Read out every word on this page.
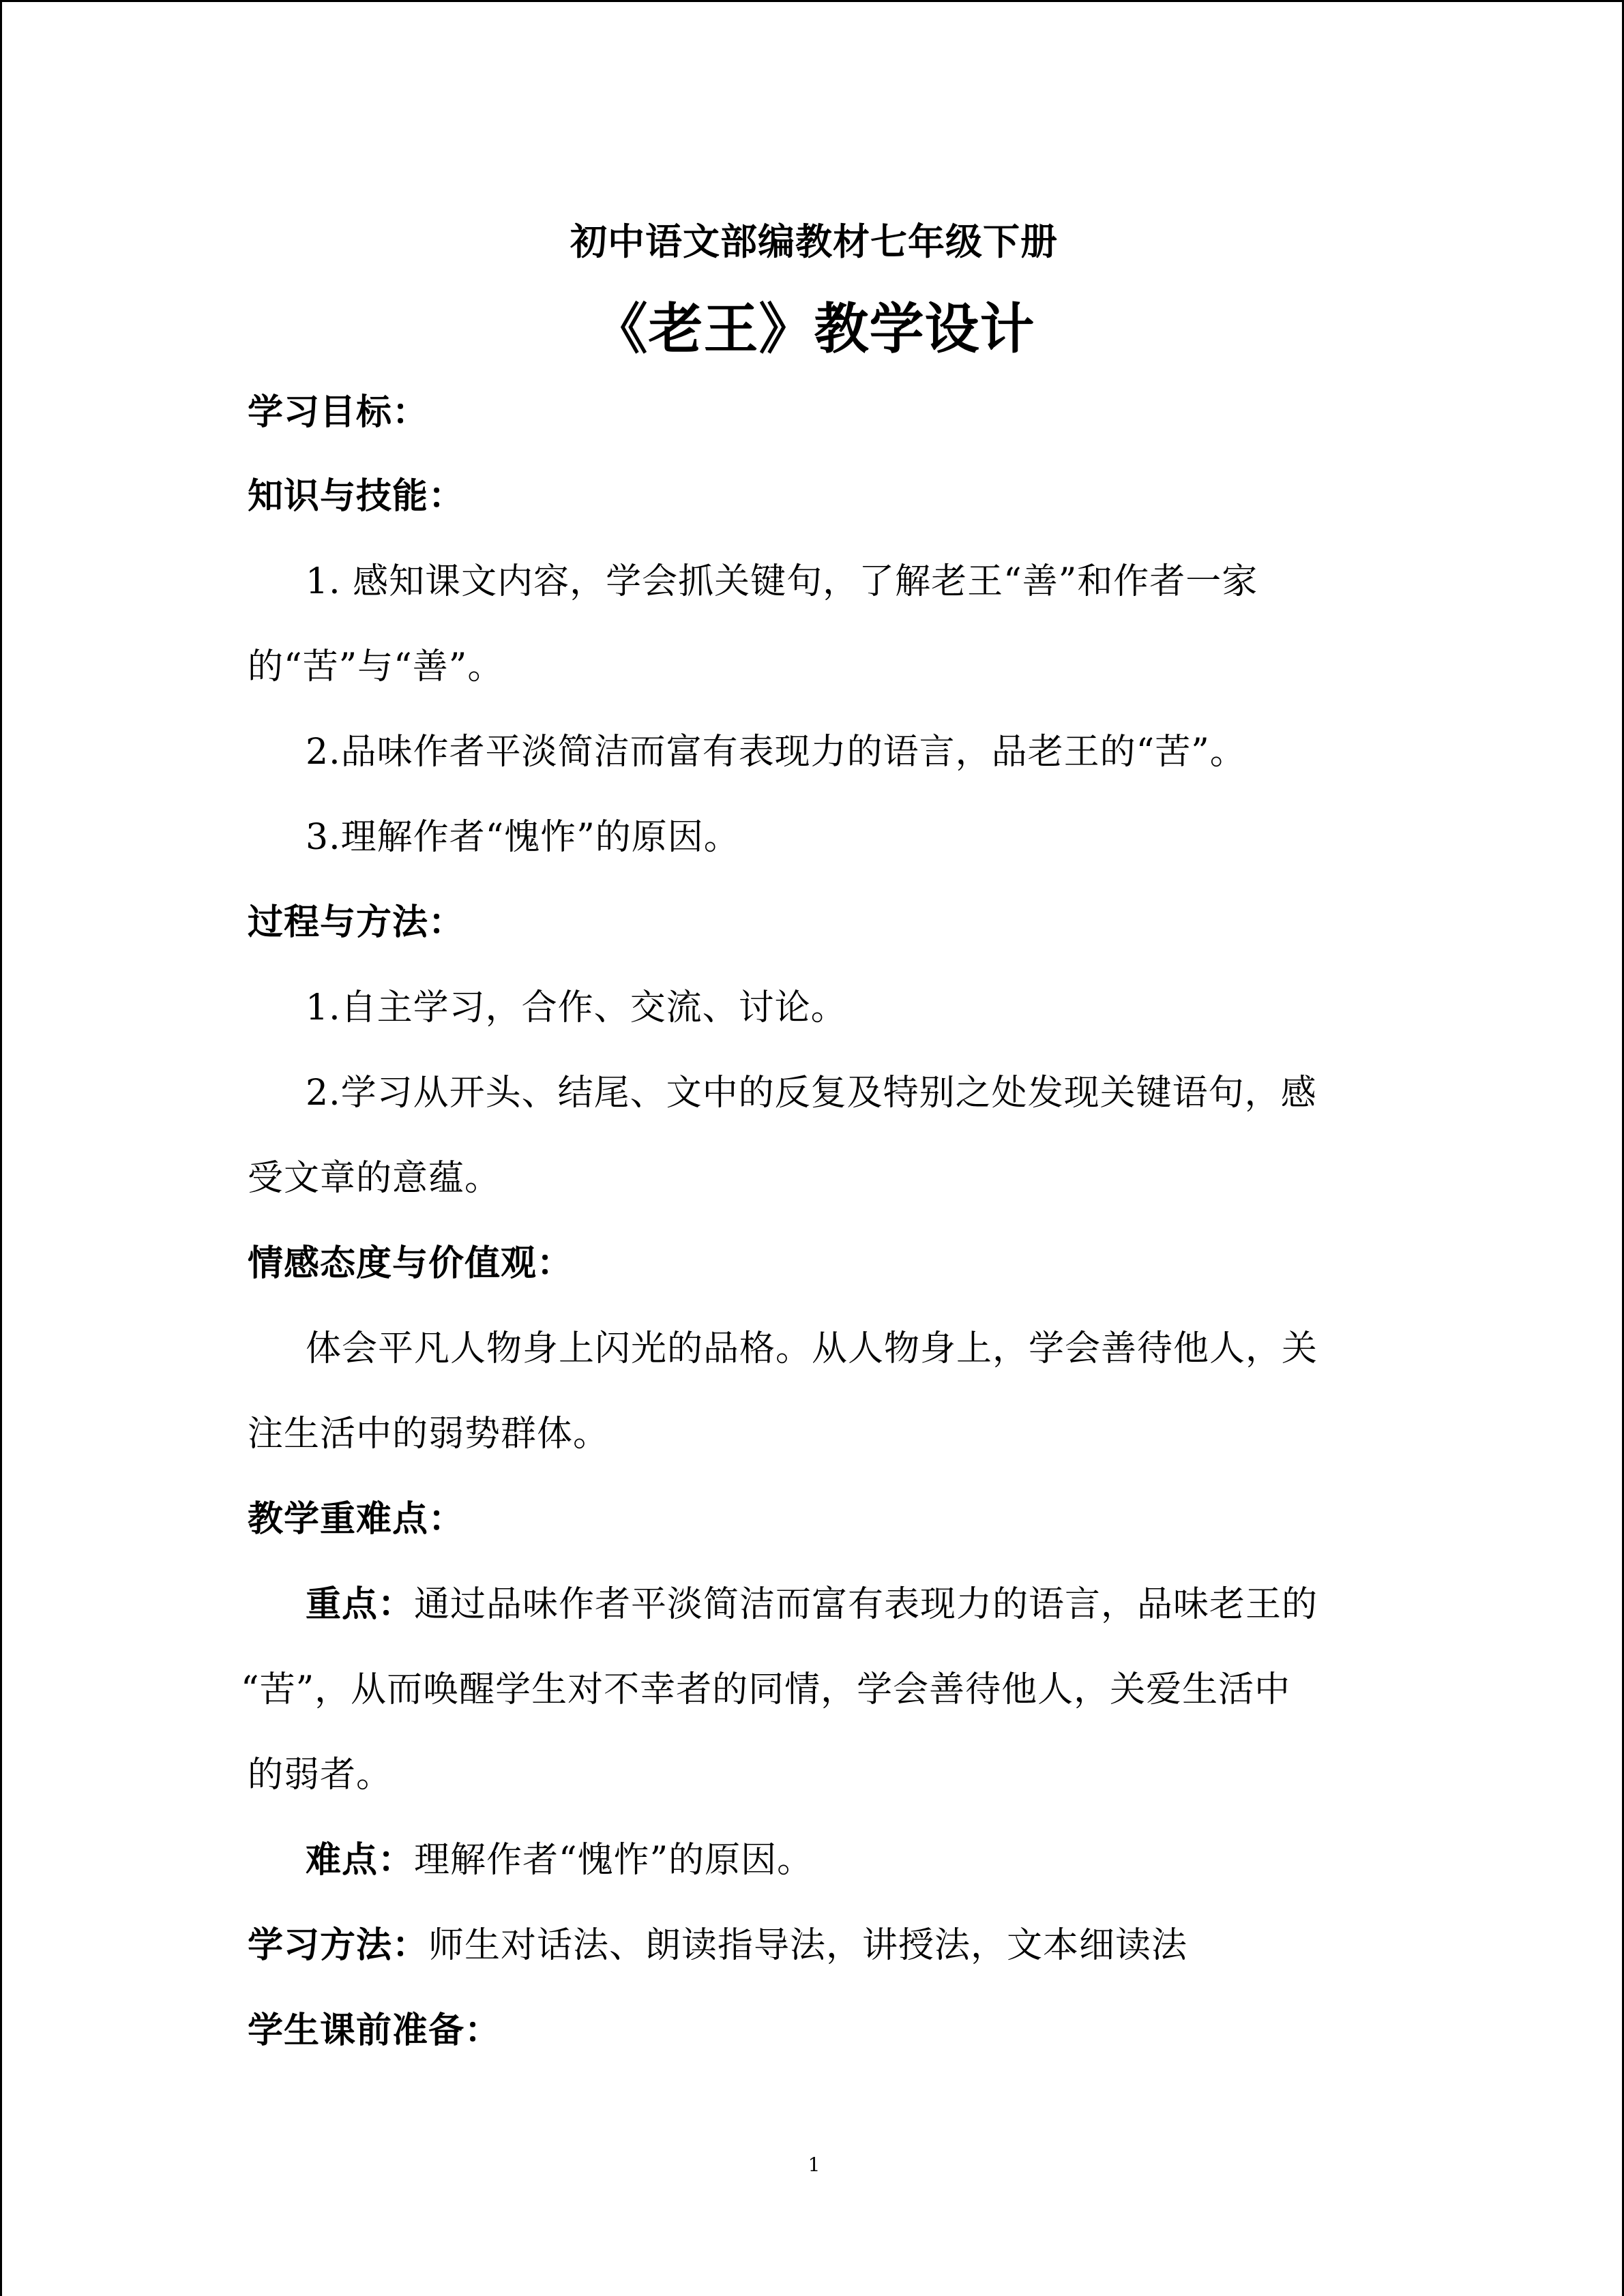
初中语文部编教材七年级下册
《老王》教学设计
学习目标：
知识与技能：
1. 感知课文内容，学会抓关键句，了解老王“善”和作者一家
的“苦”与“善”。
2.品味作者平淡简洁而富有表现力的语言，品老王的“苦”。
3.理解作者“愧怍”的原因。
过程与方法：
1.自主学习，合作、交流、讨论。
2.学习从开头、结尾、文中的反复及特别之处发现关键语句，感
受文章的意蕴。
情感态度与价值观：
体会平凡人物身上闪光的品格。从人物身上，学会善待他人，关
注生活中的弱势群体。
教学重难点：
重点：通过品味作者平淡简洁而富有表现力的语言，品味老王的
“苦”，从而唤醒学生对不幸者的同情，学会善待他人，关爱生活中
的弱者。
难点：理解作者“愧怍”的原因。
学习方法：师生对话法、朗读指导法，讲授法，文本细读法
学生课前准备：
1
